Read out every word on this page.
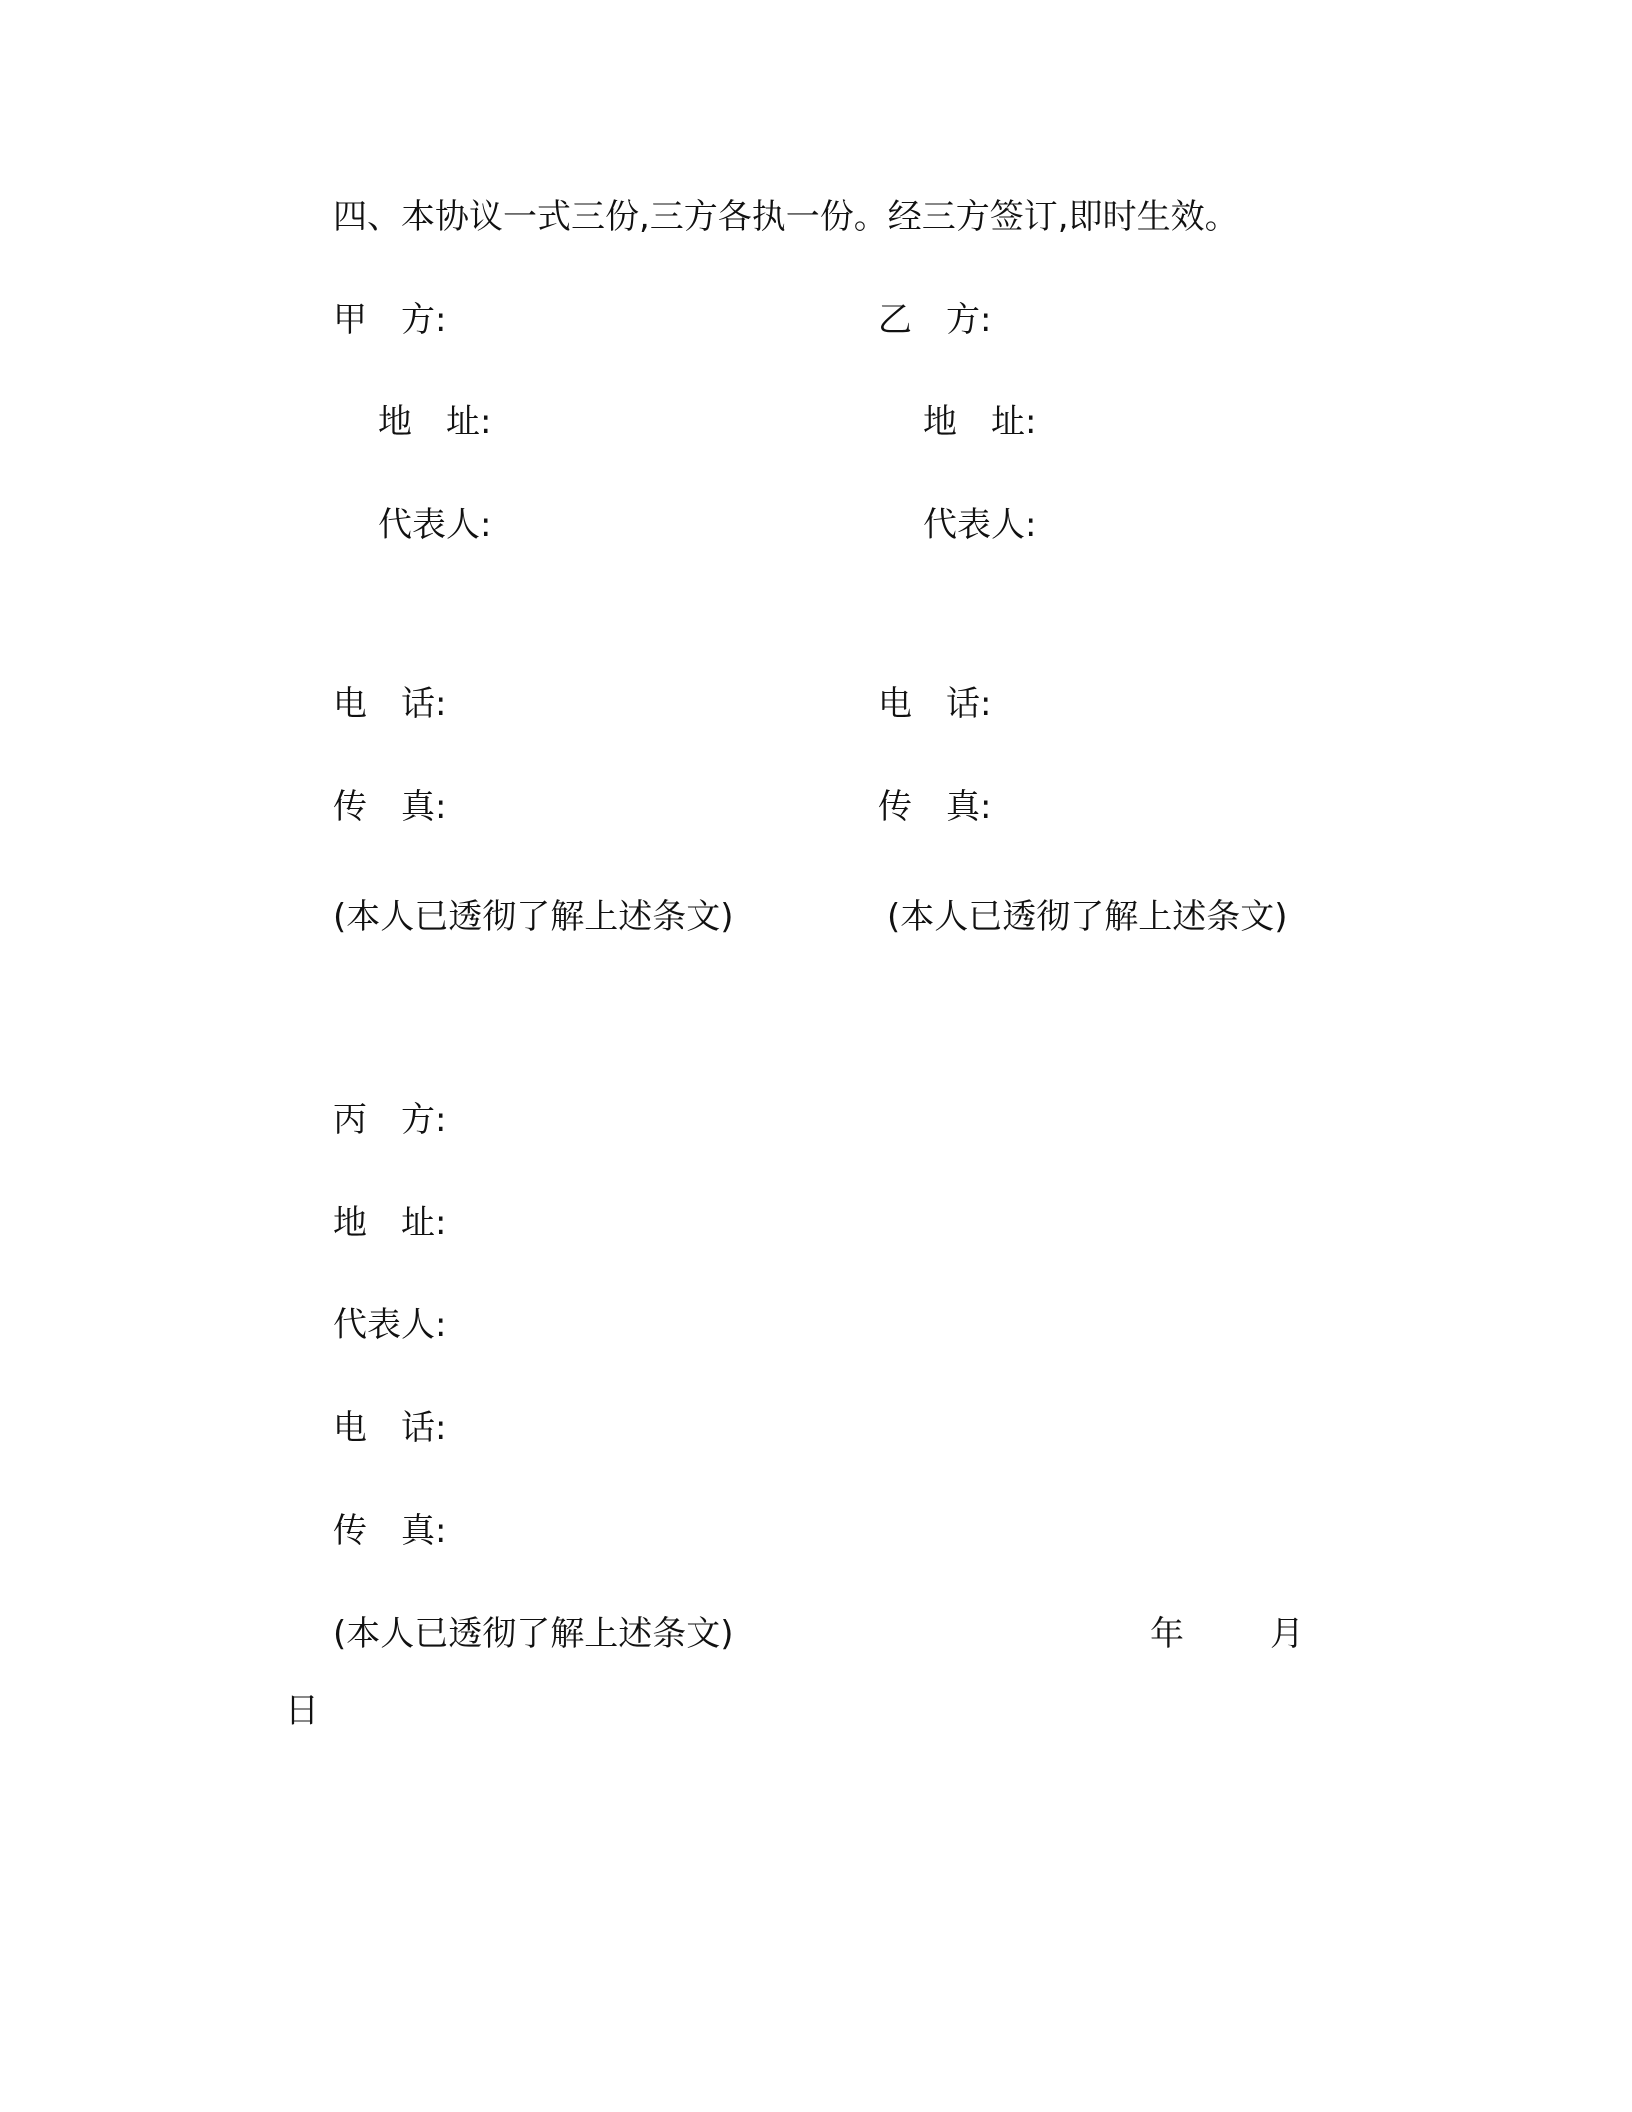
四、本协议一式三份,三方各执一份。经三方签订,即时生效。
甲　方:
地　址:
代表人:
电　话:
传　真:
(本人已透彻了解上述条文)
乙　方:
地　址:
代表人:
电　话:
传　真:
(本人已透彻了解上述条文)
丙　方:
地　址:
代表人:
电　话:
传　真:
(本人已透彻了解上述条文)	年	月
日
